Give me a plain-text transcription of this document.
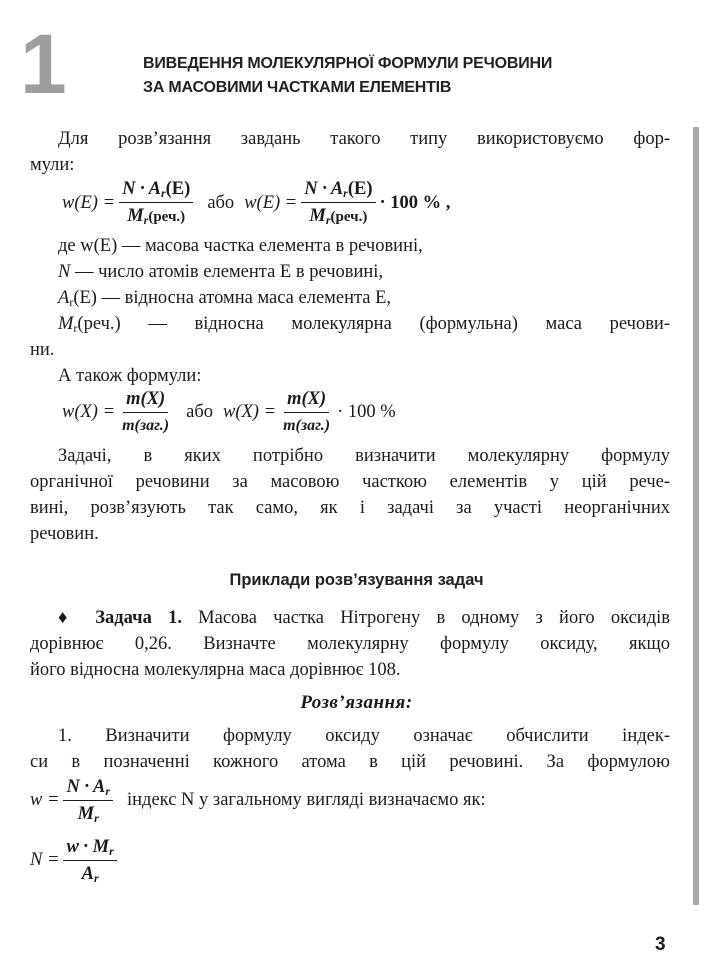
1	ВИВЕДЕННЯ МОЛЕКУЛЯРНОЇ ФОРМУЛИ РЕЧОВИНИ
ЗА МАСОВИМИ ЧАСТКАМИ ЕЛЕМЕНТІВ
Для розв’язання завдань такого типу використовуємо фор-
мули:
$w(E) = \frac{N \cdot A_r(E)}{M_r(реч.)}$ або $w(E) = \frac{N \cdot A_r(E)}{M_r(реч.)} \cdot 100$ % ,
де w(E) — масова частка елемента в речовині,
N — число атомів елемента Е в речовині,
$A_r(E)$ — відносна атомна маса елемента Е,
$M_r(реч.)$ — відносна молекулярна (формульна) маса речови-
ни.
А також формули:
$w(X) = \frac{m(X)}{\text{m(заг.)}}$ або $w(X) = \frac{m(X)}{\text{m(заг.)}} \cdot 100$ %
Задачі, в яких потрібно визначити молекулярну формулу
органічної речовини за масовою часткою елементів у цій рече-
вині, розв’язують так само, як і задачі за участі неорганічних
речовин.
Приклади розв’язування задач
♦ Задача 1. Масова частка Нітрогену в одному з його оксидів
дорівнює 0,26. Визначте молекулярну формулу оксиду, якщо
його відносна молекулярна маса дорівнює 108.
Розв’язання:
1. Визначити формулу оксиду означає обчислити індек-
си в позначенні кожного атома в цій речовині. За формулою
$w = \frac{N \cdot A_r}{M_r}$ індекс N у загальному вигляді визначаємо як:
$N = \frac{w \cdot M_r}{A_r}$
3
